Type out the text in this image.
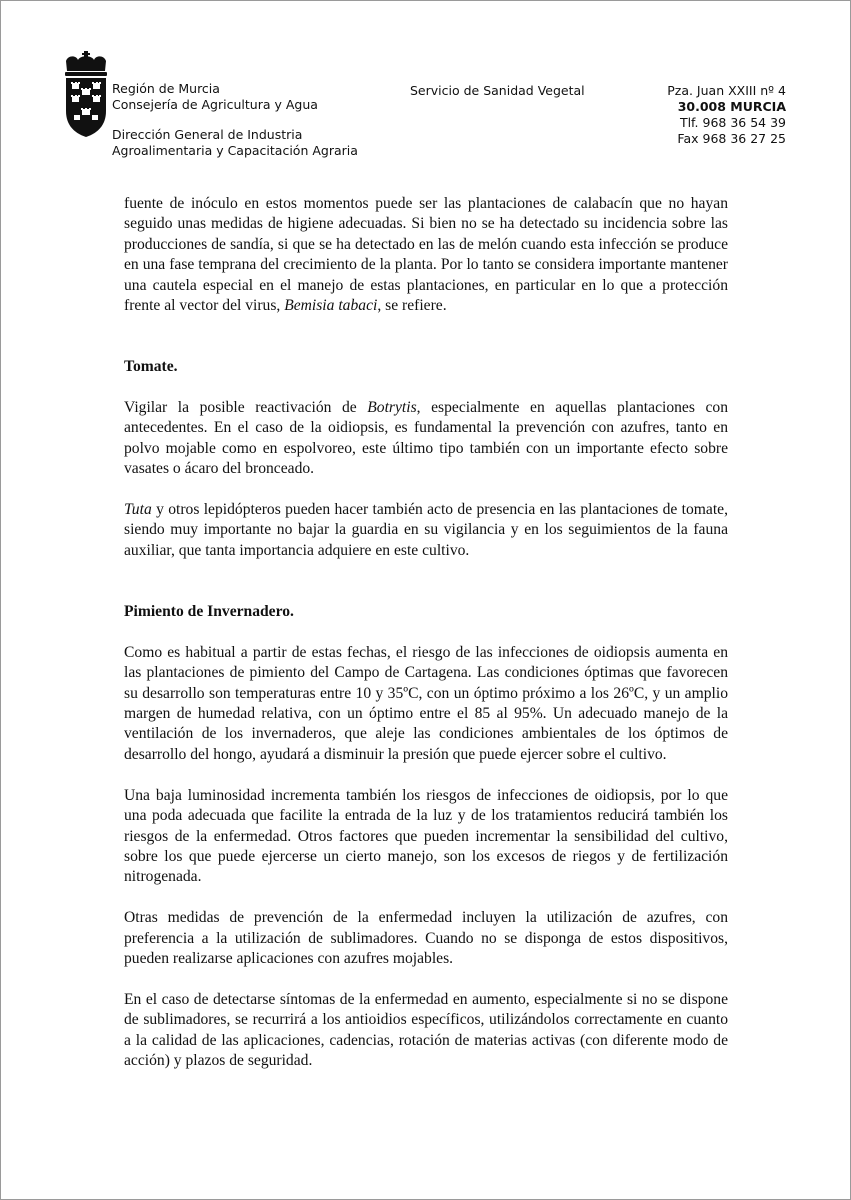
Región de Murcia
Consejería de Agricultura y Agua
Dirección General de Industria
Agroalimentaria y Capacitación Agraria
Servicio de Sanidad Vegetal	Pza. Juan XXIII nº 4
30.008 MURCIA
Tlf. 968 36 54 39
Fax 968 36 27 25

fuente de inóculo en estos momentos puede ser las plantaciones de calabacín que no hayan seguido unas medidas de higiene adecuadas. Si bien no se ha detectado su incidencia sobre las producciones de sandía, si que se ha detectado en las de melón cuando esta infección se produce en una fase temprana del crecimiento de la planta. Por lo tanto se considera importante mantener una cautela especial en el manejo de estas plantaciones, en particular en lo que a protección frente al vector del virus, Bemisia tabaci, se refiere.

Tomate.

Vigilar la posible reactivación de Botrytis, especialmente en aquellas plantaciones con antecedentes. En el caso de la oidiopsis, es fundamental la prevención con azufres, tanto en polvo mojable como en espolvoreo, este último tipo también con un importante efecto sobre vasates o ácaro del bronceado.

Tuta y otros lepidópteros pueden hacer también acto de presencia en las plantaciones de tomate, siendo muy importante no bajar la guardia en su vigilancia y en los seguimientos de la fauna auxiliar, que tanta importancia adquiere en este cultivo.

Pimiento de Invernadero.

Como es habitual a partir de estas fechas, el riesgo de las infecciones de oidiopsis aumenta en las plantaciones de pimiento del Campo de Cartagena. Las condiciones óptimas que favorecen su desarrollo son temperaturas entre 10 y 35ºC, con un óptimo próximo a los 26ºC, y un amplio margen de humedad relativa, con un óptimo entre el 85 al 95%. Un adecuado manejo de la ventilación de los invernaderos, que aleje las condiciones ambientales de los óptimos de desarrollo del hongo, ayudará a disminuir la presión que puede ejercer sobre el cultivo.

Una baja luminosidad incrementa también los riesgos de infecciones de oidiopsis, por lo que una poda adecuada que facilite la entrada de la luz y de los tratamientos reducirá también los riesgos de la enfermedad. Otros factores que pueden incrementar la sensibilidad del cultivo, sobre los que puede ejercerse un cierto manejo, son los excesos de riegos y de fertilización nitrogenada.

Otras medidas de prevención de la enfermedad incluyen la utilización de azufres, con preferencia a la utilización de sublimadores. Cuando no se disponga de estos dispositivos, pueden realizarse aplicaciones con azufres mojables.

En el caso de detectarse síntomas de la enfermedad en aumento, especialmente si no se dispone de sublimadores, se recurrirá a los antioidios específicos, utilizándolos correctamente en cuanto a la calidad de las aplicaciones, cadencias, rotación de materias activas (con diferente modo de acción) y plazos de seguridad.
